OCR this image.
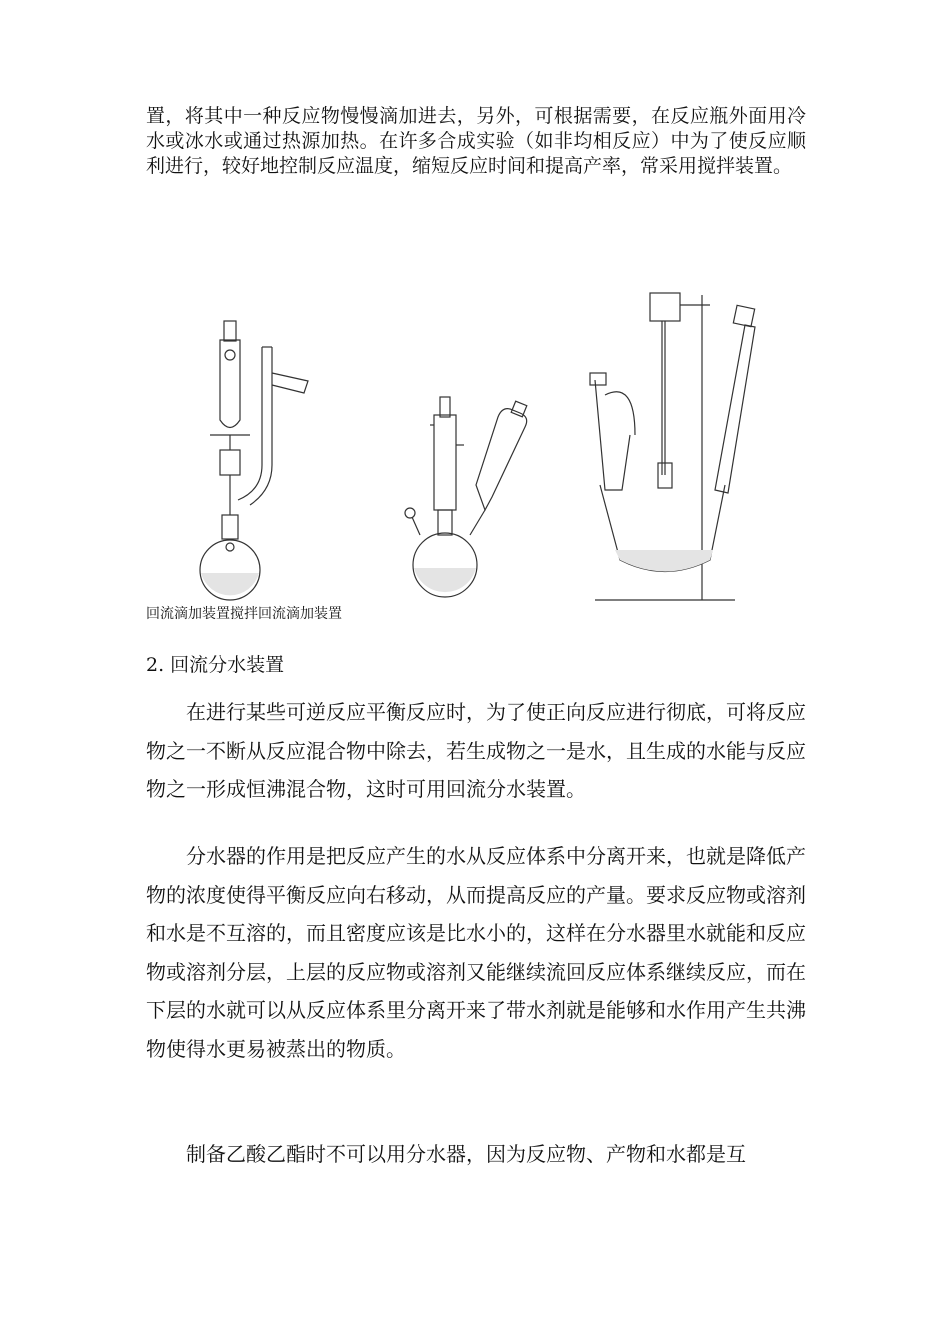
置，将其中一种反应物慢慢滴加进去，另外，可根据需要，在反应瓶外面用冷水或冰水或通过热源加热。在许多合成实验（如非均相反应）中为了使反应顺利进行，较好地控制反应温度，缩短反应时间和提高产率，常采用搅拌装置。

回流滴加装置搅拌回流滴加装置

2. 回流分水装置

在进行某些可逆反应平衡反应时，为了使正向反应进行彻底，可将反应物之一不断从反应混合物中除去，若生成物之一是水，且生成的水能与反应物之一形成恒沸混合物，这时可用回流分水装置。

分水器的作用是把反应产生的水从反应体系中分离开来，也就是降低产物的浓度使得平衡反应向右移动，从而提高反应的产量。要求反应物或溶剂和水是不互溶的，而且密度应该是比水小的，这样在分水器里水就能和反应物或溶剂分层，上层的反应物或溶剂又能继续流回反应体系继续反应，而在下层的水就可以从反应体系里分离开来了带水剂就是能够和水作用产生共沸物使得水更易被蒸出的物质。

制备乙酸乙酯时不可以用分水器，因为反应物、产物和水都是互
